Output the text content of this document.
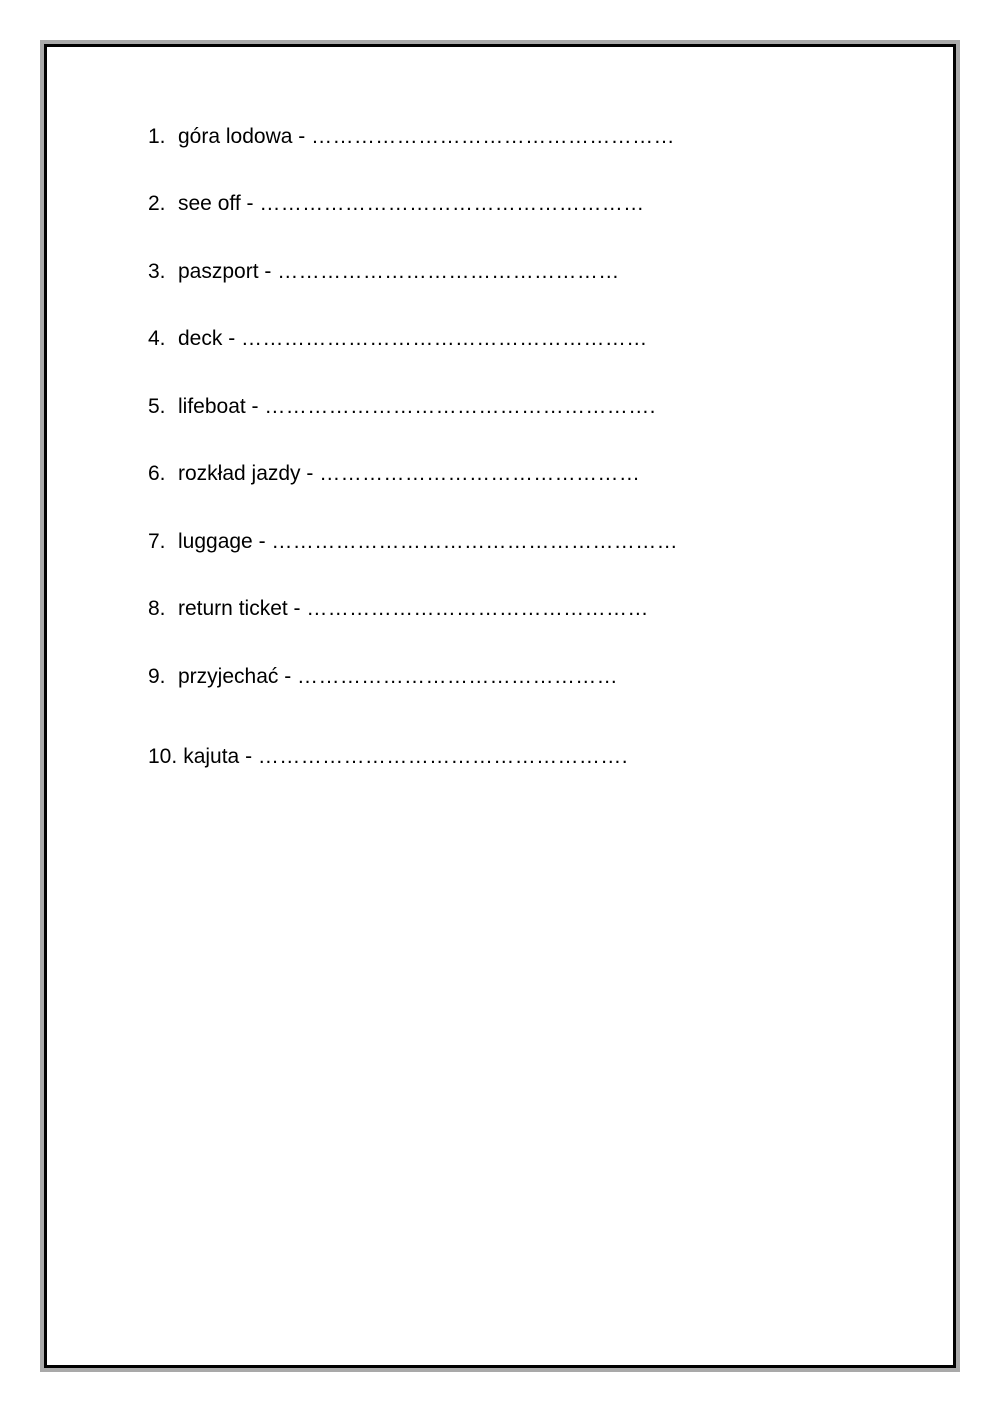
1. góra lodowa - ……………………………………………
2. see off - ………………………………………………
3. paszport - …………………………………………
4. deck - …………………………………………………
5. lifeboat - ……………………………………………….
6. rozkład jazdy - ………………………………………
7. luggage - …………………………………………………
8. return ticket - …………………………………………
9. przyjechać - ………………………………………
10. kajuta - …………………………………………….
